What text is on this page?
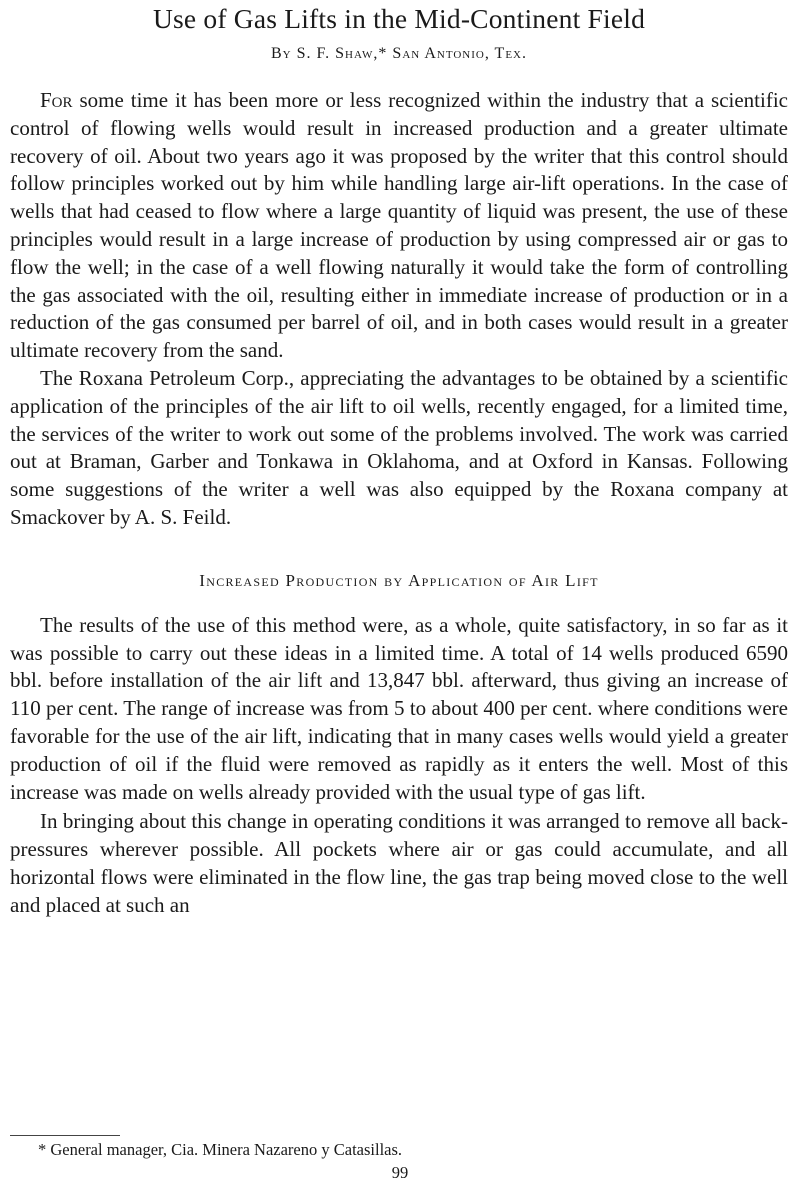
Use of Gas Lifts in the Mid-Continent Field

By S. F. Shaw,* San Antonio, Tex.

For some time it has been more or less recognized within the industry that a scientific control of flowing wells would result in increased production and a greater ultimate recovery of oil. About two years ago it was proposed by the writer that this control should follow principles worked out by him while handling large air-lift operations. In the case of wells that had ceased to flow where a large quantity of liquid was present, the use of these principles would result in a large increase of production by using compressed air or gas to flow the well; in the case of a well flowing naturally it would take the form of controlling the gas associated with the oil, resulting either in immediate increase of production or in a reduction of the gas consumed per barrel of oil, and in both cases would result in a greater ultimate recovery from the sand.

The Roxana Petroleum Corp., appreciating the advantages to be obtained by a scientific application of the principles of the air lift to oil wells, recently engaged, for a limited time, the services of the writer to work out some of the problems involved. The work was carried out at Braman, Garber and Tonkawa in Oklahoma, and at Oxford in Kansas. Following some suggestions of the writer a well was also equipped by the Roxana company at Smackover by A. S. Feild.

Increased Production by Application of Air Lift

The results of the use of this method were, as a whole, quite satisfactory, in so far as it was possible to carry out these ideas in a limited time. A total of 14 wells produced 6590 bbl. before installation of the air lift and 13,847 bbl. afterward, thus giving an increase of 110 per cent. The range of increase was from 5 to about 400 per cent. where conditions were favorable for the use of the air lift, indicating that in many cases wells would yield a greater production of oil if the fluid were removed as rapidly as it enters the well. Most of this increase was made on wells already provided with the usual type of gas lift.

In bringing about this change in operating conditions it was arranged to remove all back-pressures wherever possible. All pockets where air or gas could accumulate, and all horizontal flows were eliminated in the flow line, the gas trap being moved close to the well and placed at such an

* General manager, Cia. Minera Nazareno y Catasillas.

99
